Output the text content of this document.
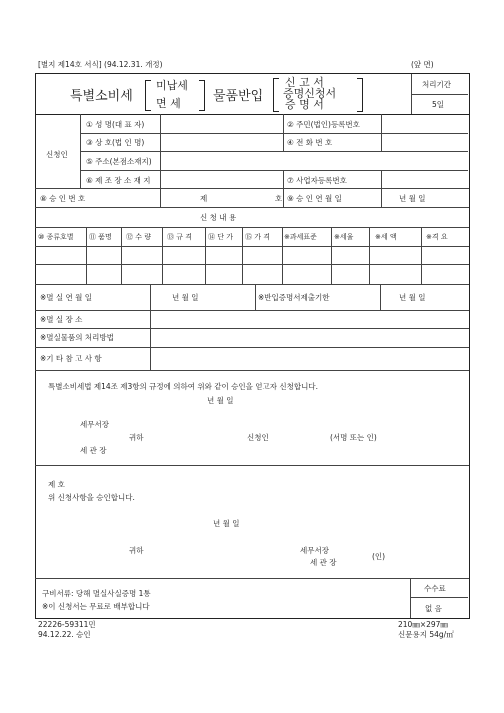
[별지 제14호 서식] (94.12.31. 개정)	(앞 면)
특별소비세
미납세
면 세 물품반입
신 고 서
증명신청서
증 명 서
처리기간
5일
신청인
① 성 명(대 표 자)	② 주민(법인)등록번호
③ 상 호(법 인 명)	④ 전 화 번 호
⑤ 주소(본점소재지)
⑥ 제 조 장 소 재 지	⑦ 사업자등록번호
⑧ 승 인 번 호	제	호 ⑨ 승 인 연 월 일	년 월 일
신 청 내 용
⑩ 종류호별 ⑪ 품명 ⑫ 수 량 ⑬ 규 격 ⑭ 단 가 ⑮ 가 격 ※과세표준 ※세율	※세 액	※격 요
※멸 실 연 월 일	년 월 일	※반입증명서제출기한	년 월 일
※멸 실 장 소
※멸실물품의 처리방법
※기 타 참 고 사 항
특별소비세법 제14조 제3항의 규정에 의하여 위와 같이 승인을 얻고자 신청합니다.
년 월 일
세무서장
귀하
세 관 장
신청인	(서명 또는 인)
제 호
위 신청사항을 승인합니다.
년 월 일
귀하	세무서장
세 관 장
(인)
구비서류: 당해 멸실사실증명 1통
※이 신청서는 무료로 배부합니다
수수료
없 음
22226-59311민
94.12.22. 승인
210㎜×297㎜
신문용지 54g/㎡
